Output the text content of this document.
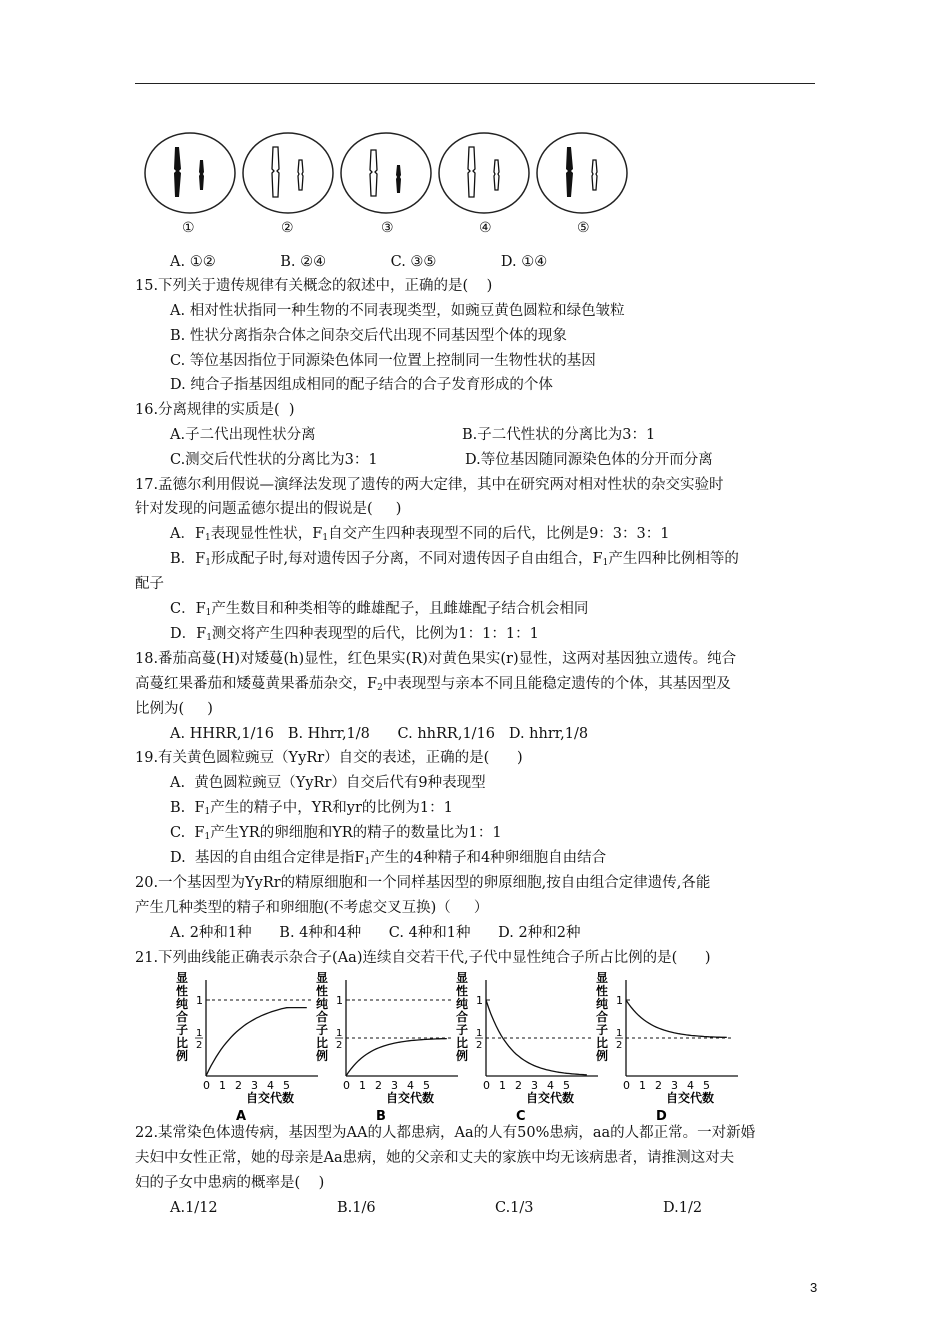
①	②	③	④	⑤
A. ①②              B. ②④              C. ③⑤              D. ①④
15.下列关于遗传规律有关概念的叙述中，正确的是(    )
A. 相对性状指同一种生物的不同表现类型，如豌豆黄色圆粒和绿色皱粒
B. 性状分离指杂合体之间杂交后代出现不同基因型个体的现象
C. 等位基因指位于同源染色体同一位置上控制同一生物性状的基因
D. 纯合子指基因组成相同的配子结合的合子发育形成的个体
16.分离规律的实质是(  )
A.子二代出现性状分离	B.子二代性状的分离比为3：1
C.测交后代性状的分离比为3：1	D.等位基因随同源染色体的分开而分离
17.孟德尔利用假说—演绎法发现了遗传的两大定律，其中在研究两对相对性状的杂交实验时
针对发现的问题孟德尔提出的假说是(     )
A．$F_1$表现显性性状，$F_1$自交产生四种表现型不同的后代，比例是9：3：3：1
B．$F_1$形成配子时,每对遗传因子分离，不同对遗传因子自由组合，$F_1$产生四种比例相等的
配子
C．$F_1$产生数目和种类相等的雌雄配子，且雌雄配子结合机会相同
D．$F_1$测交将产生四种表现型的后代，比例为1：1：1：1
18.番茄高蔓(H)对矮蔓(h)显性，红色果实(R)对黄色果实(r)显性，这两对基因独立遗传。纯合
高蔓红果番茄和矮蔓黄果番茄杂交，$F_2$中表现型与亲本不同且能稳定遗传的个体，其基因型及
比例为(     )
A. HHRR,1/16   B. Hhrr,1/8      C. hhRR,1/16   D. hhrr,1/8
19.有关黄色圆粒豌豆（YyRr）自交的表述，正确的是(      )
A.  黄色圆粒豌豆（YyRr）自交后代有9种表现型
B.  $F_1$产生的精子中，YR和yr的比例为1：1
C.  $F_1$产生YR的卵细胞和YR的精子的数量比为1：1
D.  基因的自由组合定律是指$F_1$产生的4种精子和4种卵细胞自由结合
20.一个基因型为YyRr的精原细胞和一个同样基因型的卵原细胞,按自由组合定律遗传,各能
产生几种类型的精子和卵细胞(不考虑交叉互换)（     ）
A. 2种和1种      B. 4种和4种      C. 4种和1种      D. 2种和2种
21.下列曲线能正确表示杂合子(Aa)连续自交若干代,子代中显性纯合子所占比例的是(      )
显
性
纯
合
子
比
例
1
1
2
0 1 2 3 4 5
自交代数
A
显
性
纯
合
子
比
例
1
1
2
0 1 2 3 4 5
自交代数
B
显
性
纯
合
子
比
例
1
1
2
0 1 2 3 4 5
自交代数
C
显
性
纯
合
子
比
例
1
1
2
0 1 2 3 4 5
自交代数
D
22.某常染色体遗传病，基因型为AA的人都患病，Aa的人有50%患病，aa的人都正常。一对新婚
夫妇中女性正常，她的母亲是Aa患病，她的父亲和丈夫的家族中均无该病患者，请推测这对夫
妇的子女中患病的概率是(    )
A.1/12	B.1/6	C.1/3	D.1/2
3
